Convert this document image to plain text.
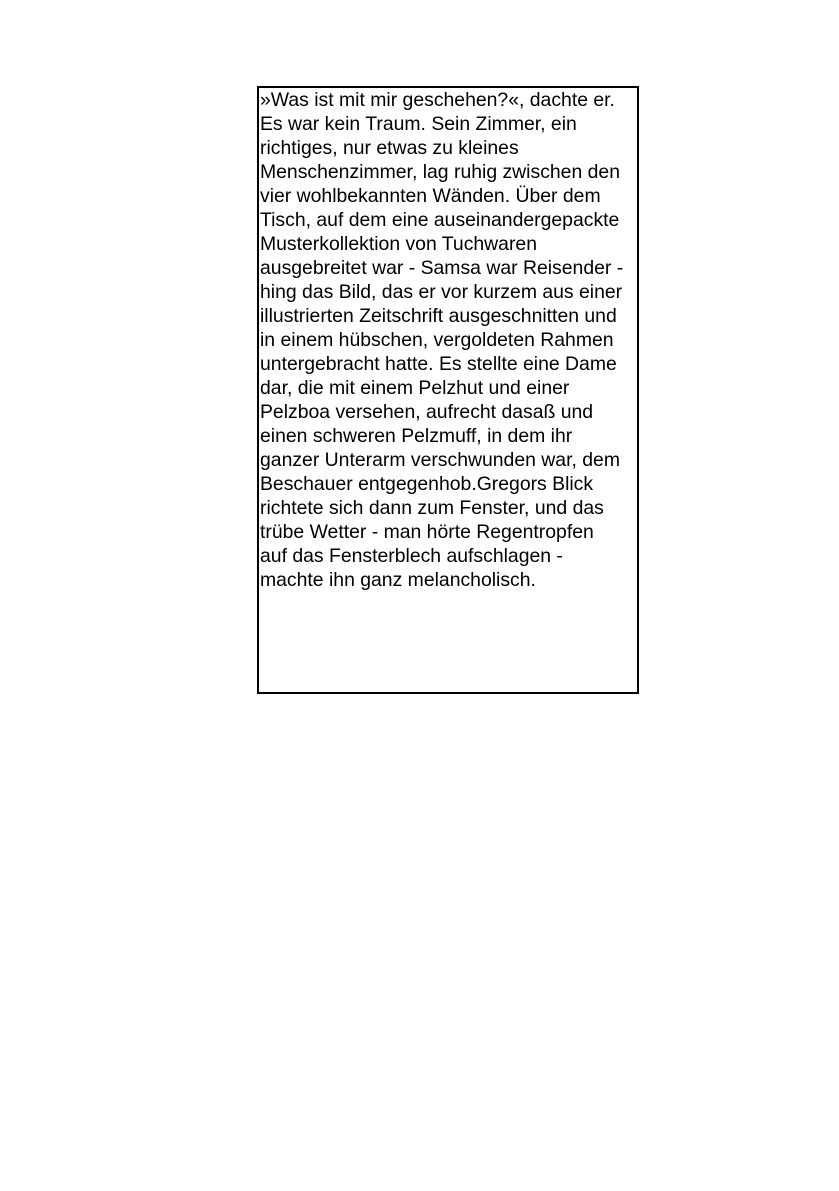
»Was ist mit mir geschehen?«, dachte er.
Es war kein Traum. Sein Zimmer, ein
richtiges, nur etwas zu kleines
Menschenzimmer, lag ruhig zwischen den
vier wohlbekannten Wänden. Über dem
Tisch, auf dem eine auseinandergepackte
Musterkollektion von Tuchwaren
ausgebreitet war - Samsa war Reisender -
hing das Bild, das er vor kurzem aus einer
illustrierten Zeitschrift ausgeschnitten und
in einem hübschen, vergoldeten Rahmen
untergebracht hatte. Es stellte eine Dame
dar, die mit einem Pelzhut und einer
Pelzboa versehen, aufrecht dasaß und
einen schweren Pelzmuff, in dem ihr
ganzer Unterarm verschwunden war, dem
Beschauer entgegenhob.Gregors Blick
richtete sich dann zum Fenster, und das
trübe Wetter - man hörte Regentropfen
auf das Fensterblech aufschlagen -
machte ihn ganz melancholisch.
